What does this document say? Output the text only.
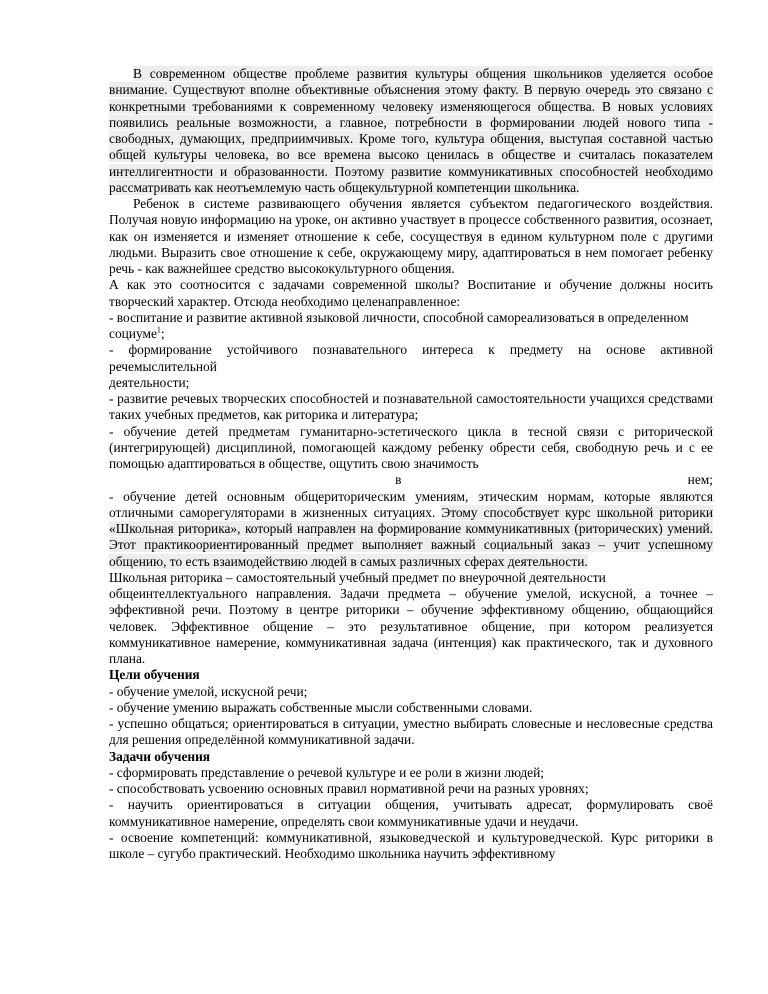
В современном обществе проблеме развития культуры общения школьников уделяется особое внимание. Существуют вполне объективные объяснения этому факту. В первую очередь это связано с конкретными требованиями к современному человеку изменяющегося общества. В новых условиях появились реальные возможности, а главное, потребности в формировании людей нового типа - свободных, думающих, предприимчивых. Кроме того, культура общения, выступая составной частью общей культуры человека, во все времена высоко ценилась в обществе и считалась показателем интеллигентности и образованности. Поэтому развитие коммуникативных способностей необходимо рассматривать как неотъемлемую часть общекультурной компетенции школьника.

Ребенок в системе развивающего обучения является субъектом педагогического воздействия. Получая новую информацию на уроке, он активно участвует в процессе собственного развития, осознает, как он изменяется и изменяет отношение к себе, сосуществуя в едином культурном поле с другими людьми. Выразить свое отношение к себе, окружающему миру, адаптироваться в нем помогает ребенку речь - как важнейшее средство высококультурного общения.

А как это соотносится с задачами современной школы? Воспитание и обучение должны носить творческий характер. Отсюда необходимо целенаправленное:

- воспитание и развитие активной языковой личности, способной самореализоваться в определенном

социуме$^1$;

- формирование устойчивого познавательного интереса к предмету на основе активной речемыслительной

деятельности;

- развитие речевых творческих способностей и познавательной самостоятельности учащихся средствами таких учебных предметов, как риторика и литература;

- обучение детей предметам гуманитарно-эстетического цикла в тесной связи с риторической (интегрирующей) дисциплиной, помогающей каждому ребенку обрести себя, свободную речь и с ее помощью адаптироваться в обществе, ощутить свою значимость

в	нем;

- обучение детей основным общериторическим умениям, этическим нормам, которые являются отличными саморегуляторами в жизненных ситуациях. Этому способствует курс школьной риторики «Школьная риторика», который направлен на формирование коммуникативных (риторических) умений. Этот практикоориентированный предмет выполняет важный социальный заказ – учит успешному общению, то есть взаимодействию людей в самых различных сферах деятельности.

Школьная риторика – самостоятельный учебный предмет по внеурочной деятельности

общеинтеллектуального направления. Задачи предмета – обучение умелой, искусной, а точнее – эффективной речи. Поэтому в центре риторики – обучение эффективному общению, общающийся человек. Эффективное общение – это результативное общение, при котором реализуется коммуникативное намерение, коммуникативная задача (интенция) как практического, так и духовного плана.

Цели обучения

- обучение умелой, искусной речи;

- обучение умению выражать собственные мысли собственными словами.

- успешно общаться; ориентироваться в ситуации, уместно выбирать словесные и несловесные средства для решения определённой коммуникативной задачи.

Задачи обучения

- сформировать представление о речевой культуре и ее роли в жизни людей;

- способствовать усвоению основных правил нормативной речи на разных уровнях;

- научить ориентироваться в ситуации общения, учитывать адресат, формулировать своё коммуникативное намерение, определять свои коммуникативные удачи и неудачи.

- освоение компетенций: коммуникативной, языковедческой и культуроведческой. Курс риторики в школе – сугубо практический. Необходимо школьника научить эффективному
